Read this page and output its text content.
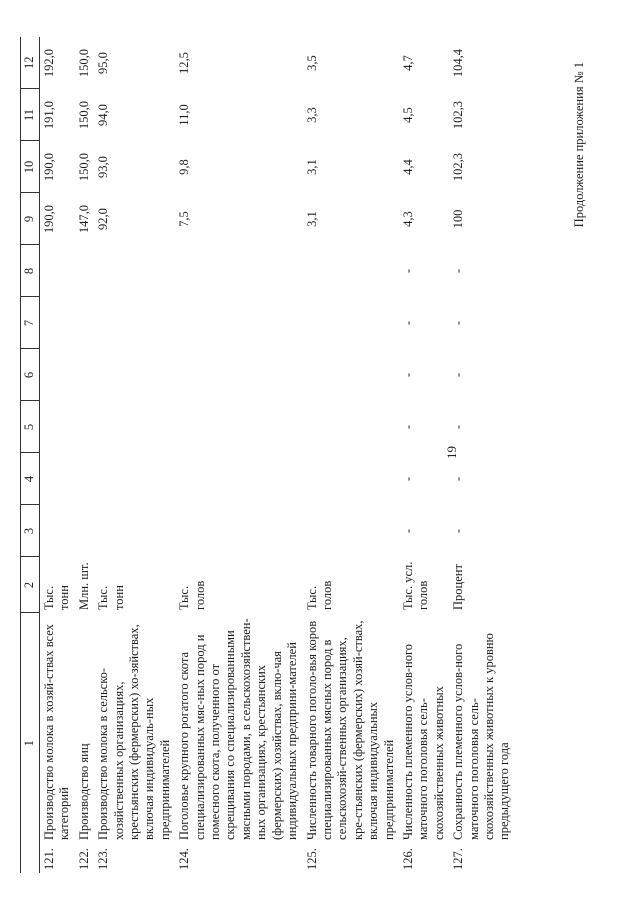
19
Продолжение приложения № 1
1		2	3	4	5	6	7	8	9	10	11	12
121.	Производство молока в хозяй-ствах всех категорий	Тыс. тонн							190,0	190,0	191,0	192,0
122.	Производство яиц	Млн. шт.							147,0	150,0	150,0	150,0
123.	Производство молока в сельско-хозяйственных организациях, крестьянских (фермерских) хо-зяйствах, включая индивидуаль-ных предпринимателей	Тыс. тонн							92,0	93,0	94,0	95,0
124.	Поголовье крупного рогатого скота специализированных мяс-ных пород и помесного скота, полученного от скрещивания со специализированными мясными породами, в сельскохозяйствен-ных организациях, крестьянских (фермерских) хозяйствах, вклю-чая индивидуальных предприни-мателей	Тыс. голов							7,5	9,8	11,0	12,5
125.	Численность товарного поголо-вья коров специализированных мясных пород в сельскохозяй-ственных организациях, кре-стьянских (фермерских) хозяй-ствах, включая индивидуальных предпринимателей	Тыс. голов							3,1	3,1	3,3	3,5
126.	Численность племенного услов-ного маточного поголовья сель-скохозяйственных животных	Тыс. усл. голов	-	-	-	-	-	-	4,3	4,4	4,5	4,7
127.	Сохранность племенного услов-ного маточного поголовья сель-скохозяйственных животных к уровню предыдущего года	Процент	-	-	-	-	-	-	100	102,3	102,3	104,4
